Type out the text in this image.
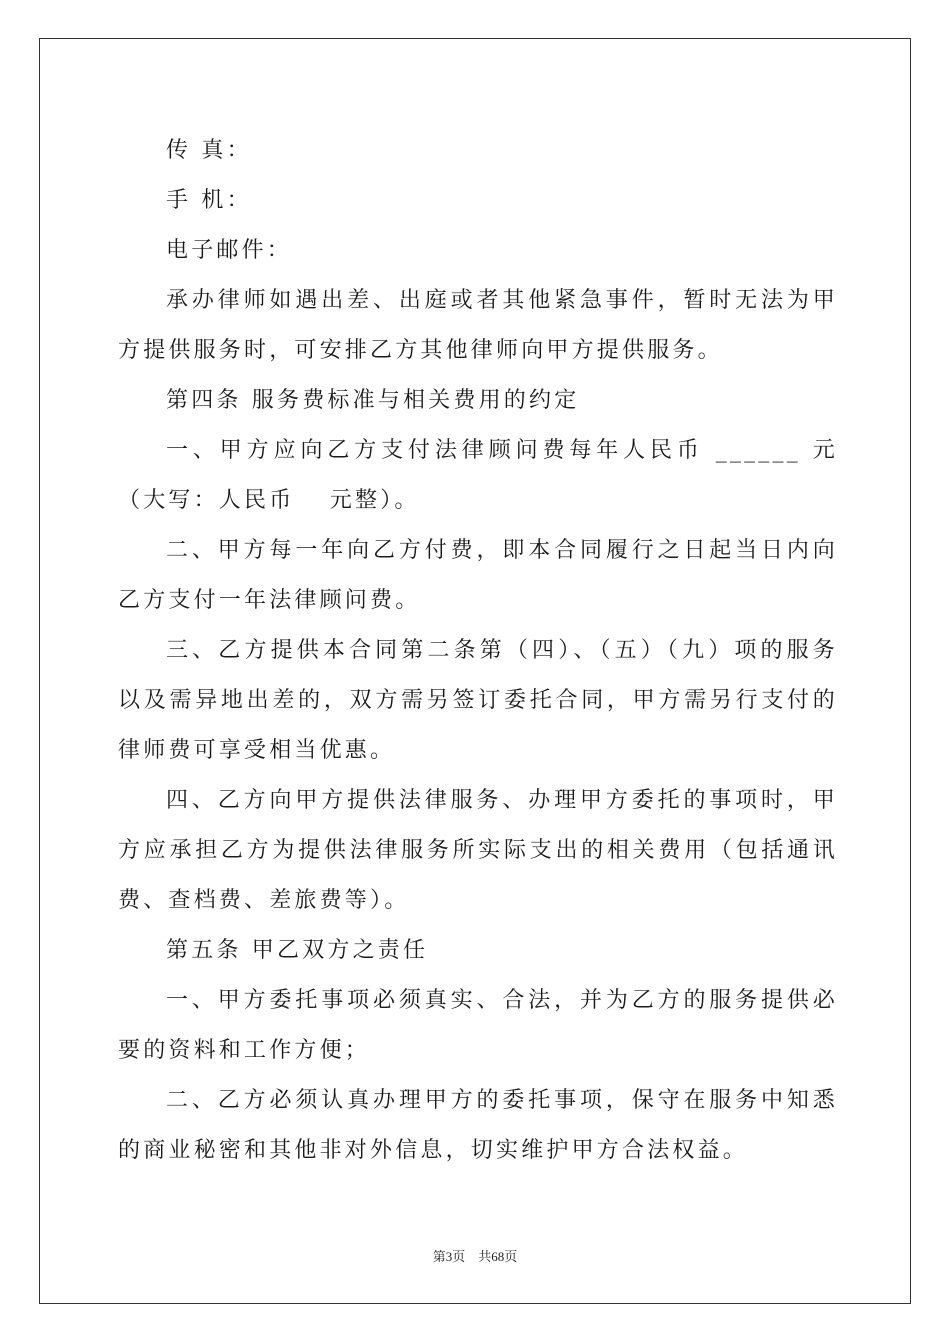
传 真：

手 机：

电子邮件：

承办律师如遇出差、出庭或者其他紧急事件，暂时无法为甲方提供服务时，可安排乙方其他律师向甲方提供服务。

第四条 服务费标准与相关费用的约定

一、甲方应向乙方支付法律顾问费每年人民币 ______ 元（大写：人民币　 元整）。

二、甲方每一年向乙方付费，即本合同履行之日起当日内向乙方支付一年法律顾问费。

三、乙方提供本合同第二条第（四）、（五）（九）项的服务以及需异地出差的，双方需另签订委托合同，甲方需另行支付的律师费可享受相当优惠。

四、乙方向甲方提供法律服务、办理甲方委托的事项时，甲方应承担乙方为提供法律服务所实际支出的相关费用（包括通讯费、查档费、差旅费等）。

第五条 甲乙双方之责任

一、甲方委托事项必须真实、合法，并为乙方的服务提供必要的资料和工作方便；

二、乙方必须认真办理甲方的委托事项，保守在服务中知悉的商业秘密和其他非对外信息，切实维护甲方合法权益。

第3页　共68页
